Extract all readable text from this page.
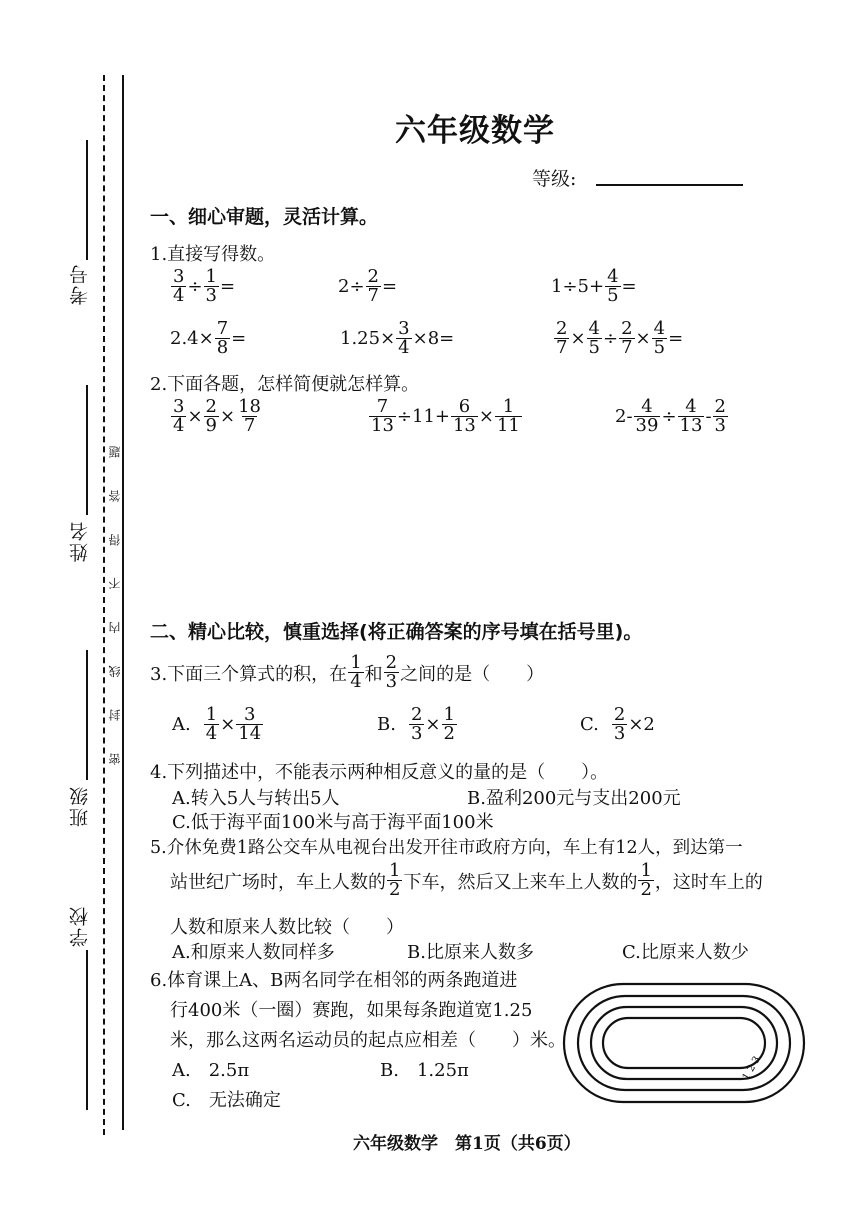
考号
姓名
班级
学校
密 封 线 内 不 得 答 题
六年级数学
等级:
一、细心审题，灵活计算。
1.直接写得数。
$\frac{3}{4} \div \frac{1}{3}$ =	$2\div \frac{2}{7}$ =	$1\div 5+ \frac{4}{5}$ =
$2.4\times \frac{7}{8}$ =	$1.25\times \frac{3}{4} \times 8=$	$\frac{2}{7} \times \frac{4}{5} \div \frac{2}{7} \times \frac{4}{5}$ =
2.下面各题，怎样简便就怎样算。
$\frac{3}{4} \times \frac{2}{9} \times \frac{18}{7}$	$\frac{7}{13} \div 11+ \frac{6}{13} \times \frac{1}{11}$	$2- \frac{4}{39} \div \frac{4}{13} - \frac{2}{3}$
二、精心比较，慎重选择(将正确答案的序号填在括号里)。
3.下面三个算式的积，在 $\frac{1}{4}$ 和 $\frac{2}{3}$ 之间的是（　　）
A. $\frac{1}{4} \times \frac{3}{14}$	B. $\frac{2}{3} \times \frac{1}{2}$	C. $\frac{2}{3} \times 2$
4.下列描述中，不能表示两种相反意义的量的是（　　）。
A.转入5人与转出5人	B.盈利200元与支出200元
C.低于海平面100米与高于海平面100米
5.介休免费1路公交车从电视台出发开往市政府方向，车上有12人，到达第一
站世纪广场时，车上人数的 $\frac{1}{2}$ 下车，然后又上来车上人数的 $\frac{1}{2}$ ，这时车上的
人数和原来人数比较（　　）
A.和原来人数同样多	B.比原来人数多	C.比原来人数少
6.体育课上A、B两名同学在相邻的两条跑道进
行400米（一圈）赛跑，如果每条跑道宽1.25
米，那么这两名运动员的起点应相差（　　）米。
A.　2.5π	B.　1.25π
C.　无法确定
1 2 3
六年级数学　第1页（共6页）
